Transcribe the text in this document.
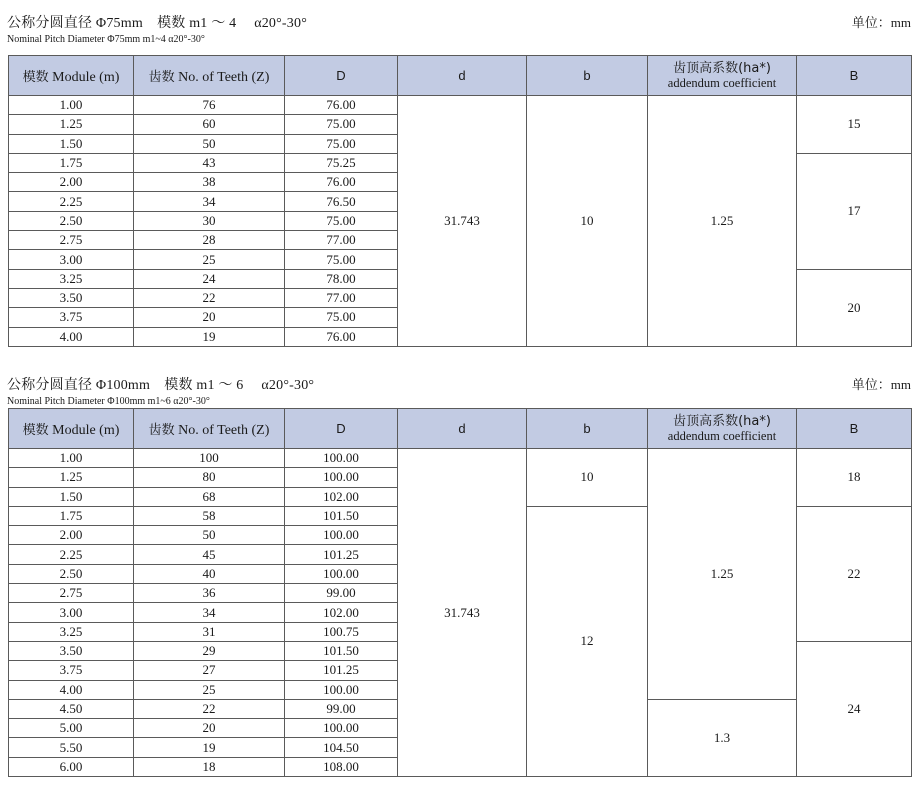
公称分圆直径 Φ75mm　模数 m1 ～ 4　 α20°-30°
Nominal Pitch Diameter Φ75mm m1~4 α20°-30°
单位：mm
模数 Module (m)	齿数 No. of Teeth (Z)	D	d	b	齿顶高系数(ha*)
addendum coefficient	B
1.00	76	76.00	31.743	10	1.25	15
1.25	60	75.00				
1.50	50	75.00				
1.75	43	75.25				17
2.00	38	76.00				
2.25	34	76.50				
2.50	30	75.00				
2.75	28	77.00				
3.00	25	75.00				
3.25	24	78.00				20
3.50	22	77.00				
3.75	20	75.00				
4.00	19	76.00				
公称分圆直径 Φ100mm　模数 m1 ～ 6　 α20°-30°
Nominal Pitch Diameter Φ100mm m1~6 α20°-30°
单位：mm
模数 Module (m)	齿数 No. of Teeth (Z)	D	d	b	齿顶高系数(ha*)
addendum coefficient	B
1.00	100	100.00	31.743	10	1.25	18
1.25	80	100.00				
1.50	68	102.00				
1.75	58	101.50		12		22
2.00	50	100.00				
2.25	45	101.25				
2.50	40	100.00				
2.75	36	99.00				
3.00	34	102.00				
3.25	31	100.75				
3.50	29	101.50				24
3.75	27	101.25				
4.00	25	100.00				
4.50	22	99.00			1.3	
5.00	20	100.00				
5.50	19	104.50				
6.00	18	108.00				
